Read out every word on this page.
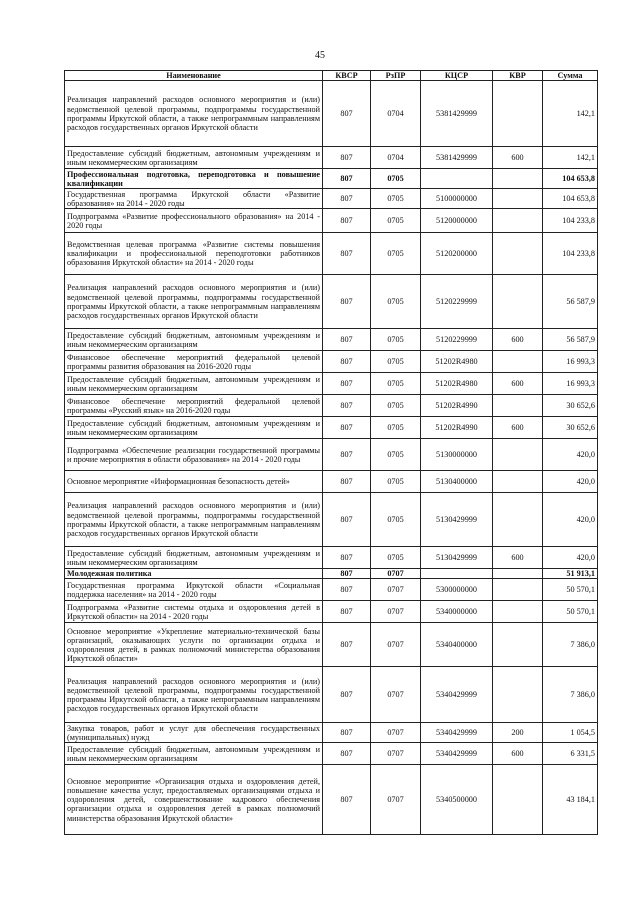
45
Наименование	КВСР	РзПР	КЦСР	КВР	Сумма
Реализация направлений расходов основного мероприятия и (или) ведомственной целевой программы, подпрограммы государственной программы Иркутской области, а также непрограммным направлениям расходов государственных органов Иркутской области	807	0704	5381429999		142,1
Предоставление субсидий бюджетным, автономным учреждениям и иным некоммерческим организациям	807	0704	5381429999	600	142,1
Профессиональная подготовка, переподготовка и повышение квалификации	807	0705			104 653,8
Государственная программа Иркутской области «Развитие образования» на 2014 - 2020 годы	807	0705	5100000000		104 653,8
Подпрограмма «Развитие профессионального образования» на 2014 - 2020 годы	807	0705	5120000000		104 233,8
Ведомственная целевая программа «Развитие системы повышения квалификации и профессиональной переподготовки работников образования Иркутской области» на 2014 - 2020 годы	807	0705	5120200000		104 233,8
Реализация направлений расходов основного мероприятия и (или) ведомственной целевой программы, подпрограммы государственной программы Иркутской области, а также непрограммным направлениям расходов государственных органов Иркутской области	807	0705	5120229999		56 587,9
Предоставление субсидий бюджетным, автономным учреждениям и иным некоммерческим организациям	807	0705	5120229999	600	56 587,9
Финансовое обеспечение мероприятий федеральной целевой программы развития образования на 2016-2020 годы	807	0705	51202R4980		16 993,3
Предоставление субсидий бюджетным, автономным учреждениям и иным некоммерческим организациям	807	0705	51202R4980	600	16 993,3
Финансовое обеспечение мероприятий федеральной целевой программы «Русский язык» на 2016-2020 годы	807	0705	51202R4990		30 652,6
Предоставление субсидий бюджетным, автономным учреждениям и иным некоммерческим организациям	807	0705	51202R4990	600	30 652,6
Подпрограмма «Обеспечение реализации государственной программы и прочие мероприятия в области образования» на 2014 - 2020 годы	807	0705	5130000000		420,0
Основное мероприятие «Информационная безопасность детей»	807	0705	5130400000		420,0
Реализация направлений расходов основного мероприятия и (или) ведомственной целевой программы, подпрограммы государственной программы Иркутской области, а также непрограммным направлениям расходов государственных органов Иркутской области	807	0705	5130429999		420,0
Предоставление субсидий бюджетным, автономным учреждениям и иным некоммерческим организациям	807	0705	5130429999	600	420,0
Молодежная политика	807	0707			51 913,1
Государственная программа Иркутской области «Социальная поддержка населения» на 2014 - 2020 годы	807	0707	5300000000		50 570,1
Подпрограмма «Развитие системы отдыха и оздоровления детей в Иркутской области» на 2014 - 2020 годы	807	0707	5340000000		50 570,1
Основное мероприятие «Укрепление материально-технической базы организаций, оказывающих услуги по организации отдыха и оздоровления детей, в рамках полномочий министерства образования Иркутской области»	807	0707	5340400000		7 386,0
Реализация направлений расходов основного мероприятия и (или) ведомственной целевой программы, подпрограммы государственной программы Иркутской области, а также непрограммным направлениям расходов государственных органов Иркутской области	807	0707	5340429999		7 386,0
Закупка товаров, работ и услуг для обеспечения государственных (муниципальных) нужд	807	0707	5340429999	200	1 054,5
Предоставление субсидий бюджетным, автономным учреждениям и иным некоммерческим организациям	807	0707	5340429999	600	6 331,5
Основное мероприятие «Организация отдыха и оздоровления детей, повышение качества услуг, предоставляемых организациями отдыха и оздоровления детей, совершенствование кадрового обеспечения организации отдыха и оздоровления детей в рамках полномочий министерства образования Иркутской области»	807	0707	5340500000		43 184,1
